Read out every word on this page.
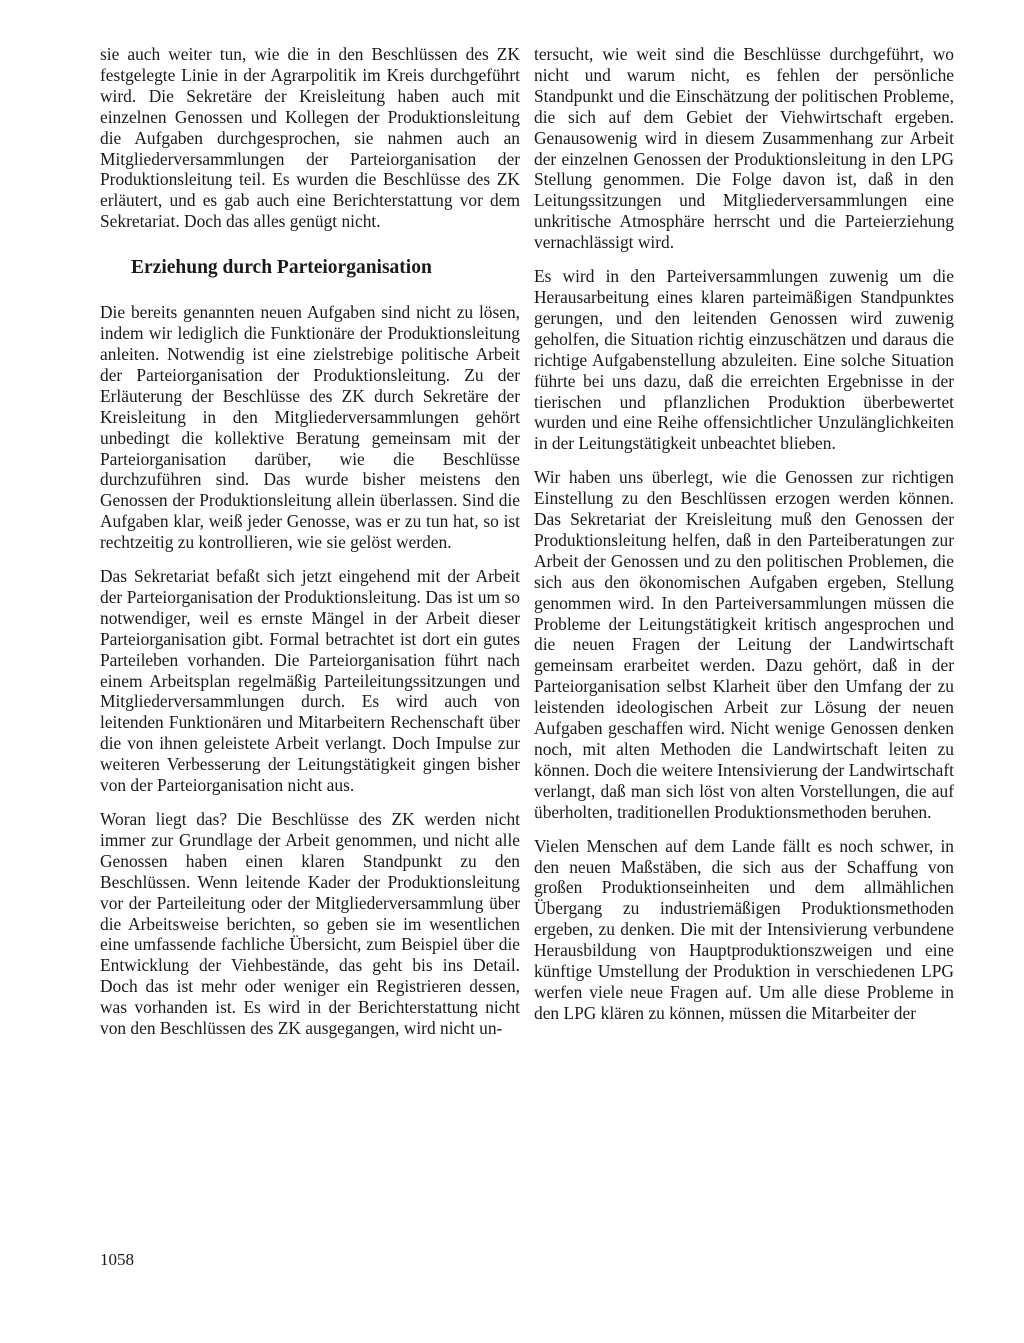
sie auch weiter tun, wie die in den Beschlüssen des ZK festgelegte Linie in der Agrarpolitik im Kreis durchgeführt wird. Die Sekretäre der Kreisleitung haben auch mit einzelnen Genossen und Kollegen der Produktionsleitung die Aufgaben durchgesprochen, sie nahmen auch an Mitgliederversammlungen der Parteiorganisation der Produktionsleitung teil. Es wurden die Beschlüsse des ZK erläutert, und es gab auch eine Berichterstattung vor dem Sekretariat. Doch das alles genügt nicht.

Erziehung durch Parteiorganisation

Die bereits genannten neuen Aufgaben sind nicht zu lösen, indem wir lediglich die Funktionäre der Produktionsleitung anleiten. Notwendig ist eine zielstrebige politische Arbeit der Parteiorganisation der Produktionsleitung. Zu der Erläuterung der Beschlüsse des ZK durch Sekretäre der Kreisleitung in den Mitgliederversammlungen gehört unbedingt die kollektive Beratung gemeinsam mit der Parteiorganisation darüber, wie die Beschlüsse durchzuführen sind. Das wurde bisher meistens den Genossen der Produktionsleitung allein überlassen. Sind die Aufgaben klar, weiß jeder Genosse, was er zu tun hat, so ist rechtzeitig zu kontrollieren, wie sie gelöst werden.

Das Sekretariat befaßt sich jetzt eingehend mit der Arbeit der Parteiorganisation der Produktionsleitung. Das ist um so notwendiger, weil es ernste Mängel in der Arbeit dieser Parteiorganisation gibt. Formal betrachtet ist dort ein gutes Parteileben vorhanden. Die Parteiorganisation führt nach einem Arbeitsplan regelmäßig Parteileitungssitzungen und Mitgliederversammlungen durch. Es wird auch von leitenden Funktionären und Mitarbeitern Rechenschaft über die von ihnen geleistete Arbeit verlangt. Doch Impulse zur weiteren Verbesserung der Leitungstätigkeit gingen bisher von der Parteiorganisation nicht aus.

Woran liegt das? Die Beschlüsse des ZK werden nicht immer zur Grundlage der Arbeit genommen, und nicht alle Genossen haben einen klaren Standpunkt zu den Beschlüssen. Wenn leitende Kader der Produktionsleitung vor der Parteileitung oder der Mitgliederversammlung über die Arbeitsweise berichten, so geben sie im wesentlichen eine umfassende fachliche Übersicht, zum Beispiel über die Entwicklung der Viehbestände, das geht bis ins Detail. Doch das ist mehr oder weniger ein Registrieren dessen, was vorhanden ist. Es wird in der Berichterstattung nicht von den Beschlüssen des ZK ausgegangen, wird nicht un-

tersucht, wie weit sind die Beschlüsse durchgeführt, wo nicht und warum nicht, es fehlen der persönliche Standpunkt und die Einschätzung der politischen Probleme, die sich auf dem Gebiet der Viehwirtschaft ergeben. Genausowenig wird in diesem Zusammenhang zur Arbeit der einzelnen Genossen der Produktionsleitung in den LPG Stellung genommen. Die Folge davon ist, daß in den Leitungssitzungen und Mitgliederversammlungen eine unkritische Atmosphäre herrscht und die Parteierziehung vernachlässigt wird.

Es wird in den Parteiversammlungen zuwenig um die Herausarbeitung eines klaren parteimäßigen Standpunktes gerungen, und den leitenden Genossen wird zuwenig geholfen, die Situation richtig einzuschätzen und daraus die richtige Aufgabenstellung abzuleiten. Eine solche Situation führte bei uns dazu, daß die erreichten Ergebnisse in der tierischen und pflanzlichen Produktion überbewertet wurden und eine Reihe offensichtlicher Unzulänglichkeiten in der Leitungstätigkeit unbeachtet blieben.

Wir haben uns überlegt, wie die Genossen zur richtigen Einstellung zu den Beschlüssen erzogen werden können. Das Sekretariat der Kreisleitung muß den Genossen der Produktionsleitung helfen, daß in den Parteiberatungen zur Arbeit der Genossen und zu den politischen Problemen, die sich aus den ökonomischen Aufgaben ergeben, Stellung genommen wird. In den Parteiversammlungen müssen die Probleme der Leitungstätigkeit kritisch angesprochen und die neuen Fragen der Leitung der Landwirtschaft gemeinsam erarbeitet werden. Dazu gehört, daß in der Parteiorganisation selbst Klarheit über den Umfang der zu leistenden ideologischen Arbeit zur Lösung der neuen Aufgaben geschaffen wird. Nicht wenige Genossen denken noch, mit alten Methoden die Landwirtschaft leiten zu können. Doch die weitere Intensivierung der Landwirtschaft verlangt, daß man sich löst von alten Vorstellungen, die auf überholten, traditionellen Produktionsmethoden beruhen.

Vielen Menschen auf dem Lande fällt es noch schwer, in den neuen Maßstäben, die sich aus der Schaffung von großen Produktionseinheiten und dem allmählichen Übergang zu industriemäßigen Produktionsmethoden ergeben, zu denken. Die mit der Intensivierung verbundene Herausbildung von Hauptproduktionszweigen und eine künftige Umstellung der Produktion in verschiedenen LPG werfen viele neue Fragen auf. Um alle diese Probleme in den LPG klären zu können, müssen die Mitarbeiter der

1058
